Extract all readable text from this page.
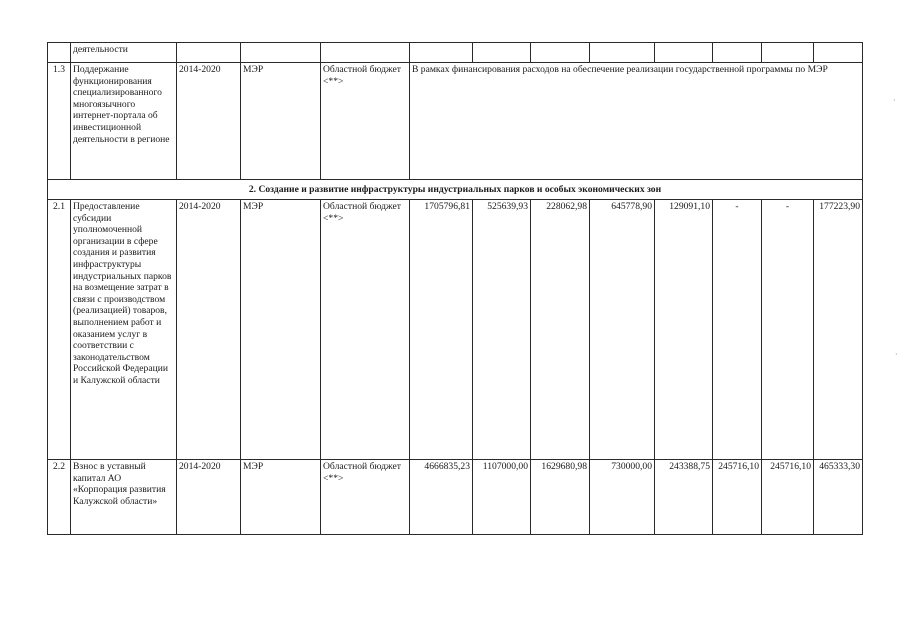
	деятельности											
1.3	Поддержание функционирования специализированного многоязычного интернет-портала об инвестиционной деятельности в регионе	2014-2020	МЭР	Областной бюджет <**>	В рамках финансирования расходов на обеспечение реализации государственной программы по МЭР							
2. Создание и развитие инфраструктуры индустриальных парков и особых экономических зон												
2.1	Предоставление субсидии уполномоченной организации в сфере создания и развития инфраструктуры индустриальных парков на возмещение затрат в связи с производством (реализацией) товаров, выполнением работ и оказанием услуг в соответствии с законодательством Российской Федерации и Калужской области	2014-2020	МЭР	Областной бюджет <**>	1705796,81	525639,93	228062,98	645778,90	129091,10	-	-	177223,90
2.2	Взнос в уставный капитал АО «Корпорация развития Калужской области»	2014-2020	МЭР	Областной бюджет <**>	4666835,23	1107000,00	1629680,98	730000,00	243388,75	245716,10	245716,10	465333,30
·
·
